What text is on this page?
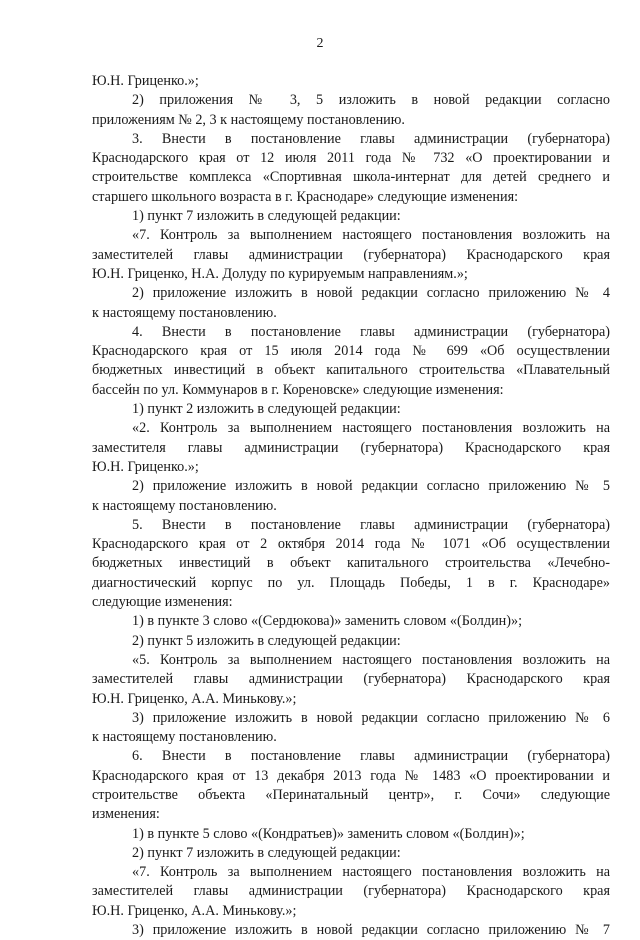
2
Ю.Н. Гриценко.»;
2) приложения № 3, 5 изложить в новой редакции согласно
приложениям № 2, 3 к настоящему постановлению.
3. Внести в постановление главы администрации (губернатора)
Краснодарского края от 12 июля 2011 года № 732 «О проектировании и
строительстве комплекса «Спортивная школа-интернат для детей среднего и
старшего школьного возраста в г. Краснодаре» следующие изменения:
1) пункт 7 изложить в следующей редакции:
«7. Контроль за выполнением настоящего постановления возложить на
заместителей главы администрации (губернатора) Краснодарского края
Ю.Н. Гриценко, Н.А. Долуду по курируемым направлениям.»;
2) приложение изложить в новой редакции согласно приложению № 4
к настоящему постановлению.
4. Внести в постановление главы администрации (губернатора)
Краснодарского края от 15 июля 2014 года № 699 «Об осуществлении
бюджетных инвестиций в объект капитального строительства «Плавательный
бассейн по ул. Коммунаров в г. Кореновске» следующие изменения:
1) пункт 2 изложить в следующей редакции:
«2. Контроль за выполнением настоящего постановления возложить на
заместителя главы администрации (губернатора) Краснодарского края
Ю.Н. Гриценко.»;
2) приложение изложить в новой редакции согласно приложению № 5
к настоящему постановлению.
5. Внести в постановление главы администрации (губернатора)
Краснодарского края от 2 октября 2014 года № 1071 «Об осуществлении
бюджетных инвестиций в объект капитального строительства «Лечебно-
диагностический корпус по ул. Площадь Победы, 1 в г. Краснодаре»
следующие изменения:
1) в пункте 3 слово «(Сердюкова)» заменить словом «(Болдин)»;
2) пункт 5 изложить в следующей редакции:
«5. Контроль за выполнением настоящего постановления возложить на
заместителей главы администрации (губернатора) Краснодарского края
Ю.Н. Гриценко, А.А. Минькову.»;
3) приложение изложить в новой редакции согласно приложению № 6
к настоящему постановлению.
6. Внести в постановление главы администрации (губернатора)
Краснодарского края от 13 декабря 2013 года № 1483 «О проектировании и
строительстве объекта «Перинатальный центр», г. Сочи» следующие
изменения:
1) в пункте 5 слово «(Кондратьев)» заменить словом «(Болдин)»;
2) пункт 7 изложить в следующей редакции:
«7. Контроль за выполнением настоящего постановления возложить на
заместителей главы администрации (губернатора) Краснодарского края
Ю.Н. Гриценко, А.А. Минькову.»;
3) приложение изложить в новой редакции согласно приложению № 7
